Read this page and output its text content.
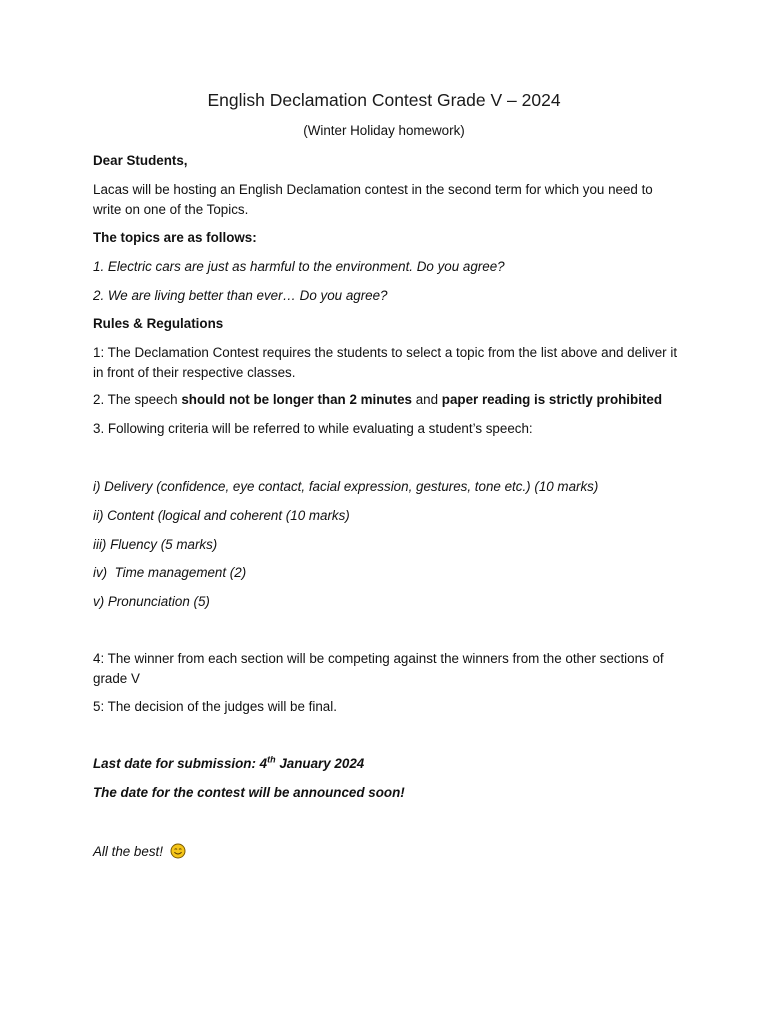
English Declamation Contest Grade V – 2024
(Winter Holiday homework)

Dear Students,

Lacas will be hosting an English Declamation contest in the second term for which you need to write on one of the Topics.

The topics are as follows:

1. Electric cars are just as harmful to the environment. Do you agree?

2. We are living better than ever… Do you agree?

Rules & Regulations

1: The Declamation Contest requires the students to select a topic from the list above and deliver it in front of their respective classes.

2. The speech should not be longer than 2 minutes and paper reading is strictly prohibited

3. Following criteria will be referred to while evaluating a student’s speech:

i) Delivery (confidence, eye contact, facial expression, gestures, tone etc.) (10 marks)

ii) Content (logical and coherent (10 marks)

iii) Fluency (5 marks)

iv)  Time management (2)

v) Pronunciation (5)

4: The winner from each section will be competing against the winners from the other sections of grade V

5: The decision of the judges will be final.

Last date for submission: 4th January 2024

The date for the contest will be announced soon!

All the best!
